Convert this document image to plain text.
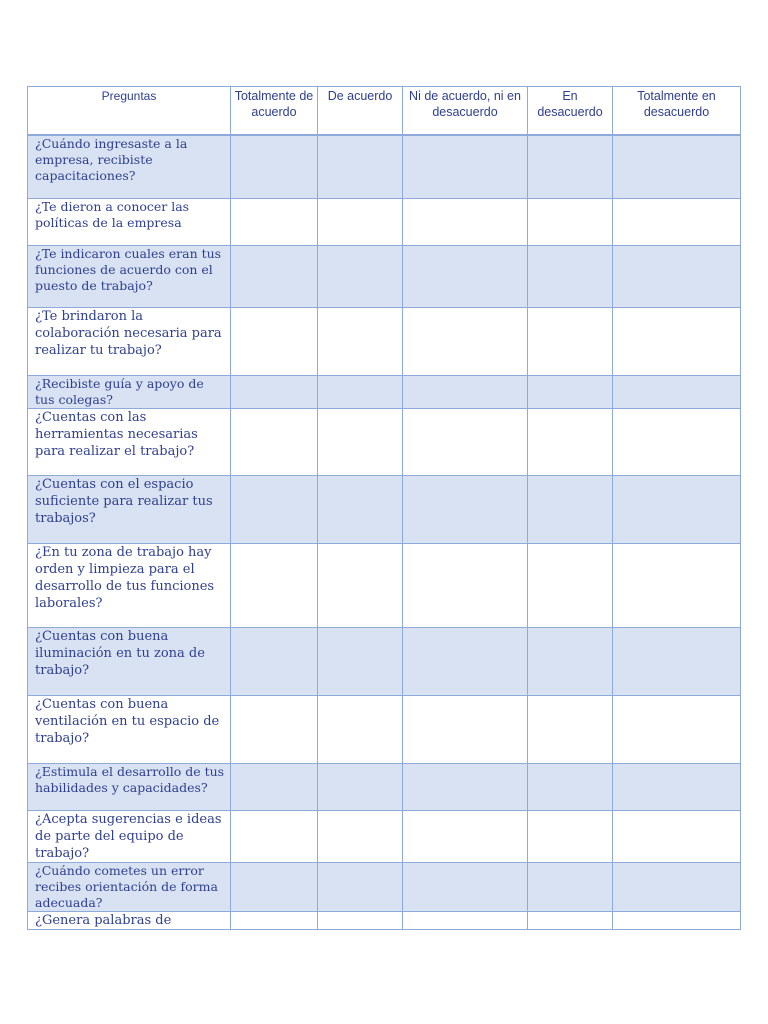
Preguntas	Totalmente de acuerdo	De acuerdo	Ni de acuerdo, ni en desacuerdo	En desacuerdo	Totalmente en desacuerdo
¿Cuándo ingresaste a la empresa, recibiste capacitaciones?					
¿Te dieron a conocer las políticas de la empresa					
¿Te indicaron cuales eran tus funciones de acuerdo con el puesto de trabajo?					
¿Te brindaron la colaboración necesaria para realizar tu trabajo?					
¿Recibiste guía y apoyo de tus colegas?					
¿Cuentas con las herramientas necesarias para realizar el trabajo?					
¿Cuentas con el espacio suficiente para realizar tus trabajos?					
¿En tu zona de trabajo hay orden y limpieza para el desarrollo de tus funciones laborales?					
¿Cuentas con buena iluminación en tu zona de trabajo?					
¿Cuentas con buena ventilación en tu espacio de trabajo?					
¿Estimula el desarrollo de tus habilidades y capacidades?					
¿Acepta sugerencias e ideas de parte del equipo de trabajo?					
¿Cuándo cometes un error recibes orientación de forma adecuada?					
¿Genera palabras de					
